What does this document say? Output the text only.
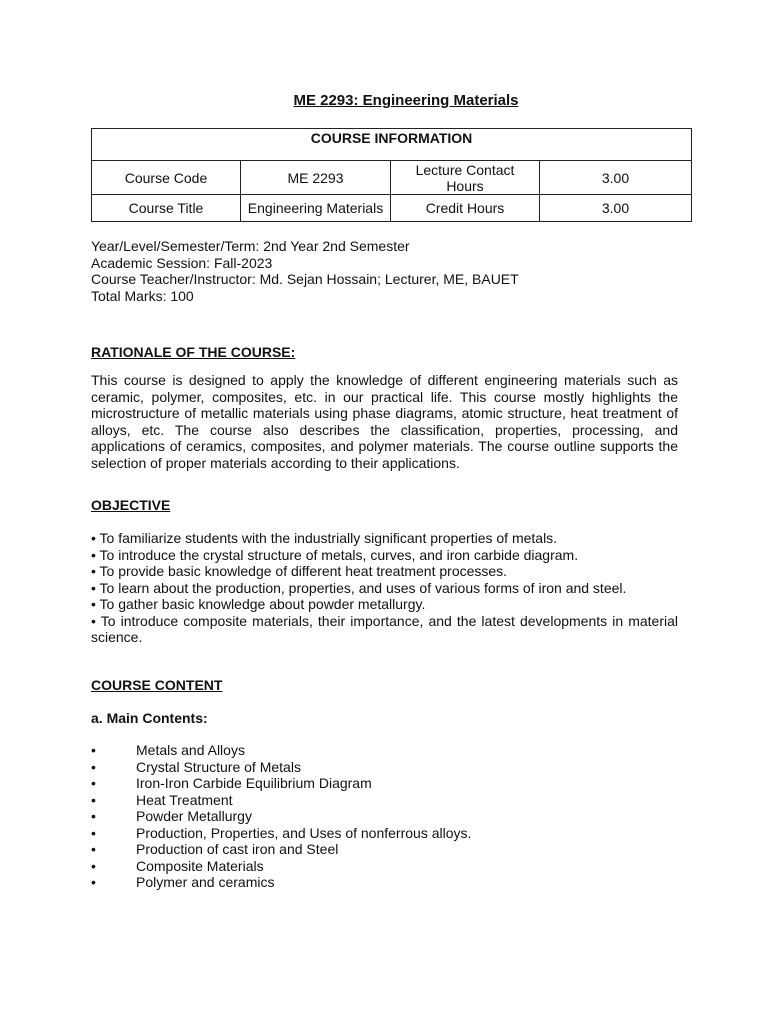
ME 2293: Engineering Materials
COURSE INFORMATION			
Course Code	ME 2293	Lecture Contact Hours	3.00
Course Title	Engineering Materials	Credit Hours	3.00
Year/Level/Semester/Term: 2nd Year 2nd Semester
Academic Session: Fall-2023
Course Teacher/Instructor: Md. Sejan Hossain; Lecturer, ME, BAUET
Total Marks: 100
RATIONALE OF THE COURSE:
This course is designed to apply the knowledge of different engineering materials such as ceramic, polymer, composites, etc. in our practical life. This course mostly highlights the microstructure of metallic materials using phase diagrams, atomic structure, heat treatment of alloys, etc. The course also describes the classification, properties, processing, and applications of ceramics, composites, and polymer materials. The course outline supports the selection of proper materials according to their applications.
OBJECTIVE
• To familiarize students with the industrially significant properties of metals.
• To introduce the crystal structure of metals, curves, and iron carbide diagram.
• To provide basic knowledge of different heat treatment processes.
• To learn about the production, properties, and uses of various forms of iron and steel.
• To gather basic knowledge about powder metallurgy.
• To introduce composite materials, their importance, and the latest developments in material science.
COURSE CONTENT
a. Main Contents:
•	Metals and Alloys
•	Crystal Structure of Metals
•	Iron-Iron Carbide Equilibrium Diagram
•	Heat Treatment
•	Powder Metallurgy
•	Production, Properties, and Uses of nonferrous alloys.
•	Production of cast iron and Steel
•	Composite Materials
•	Polymer and ceramics
